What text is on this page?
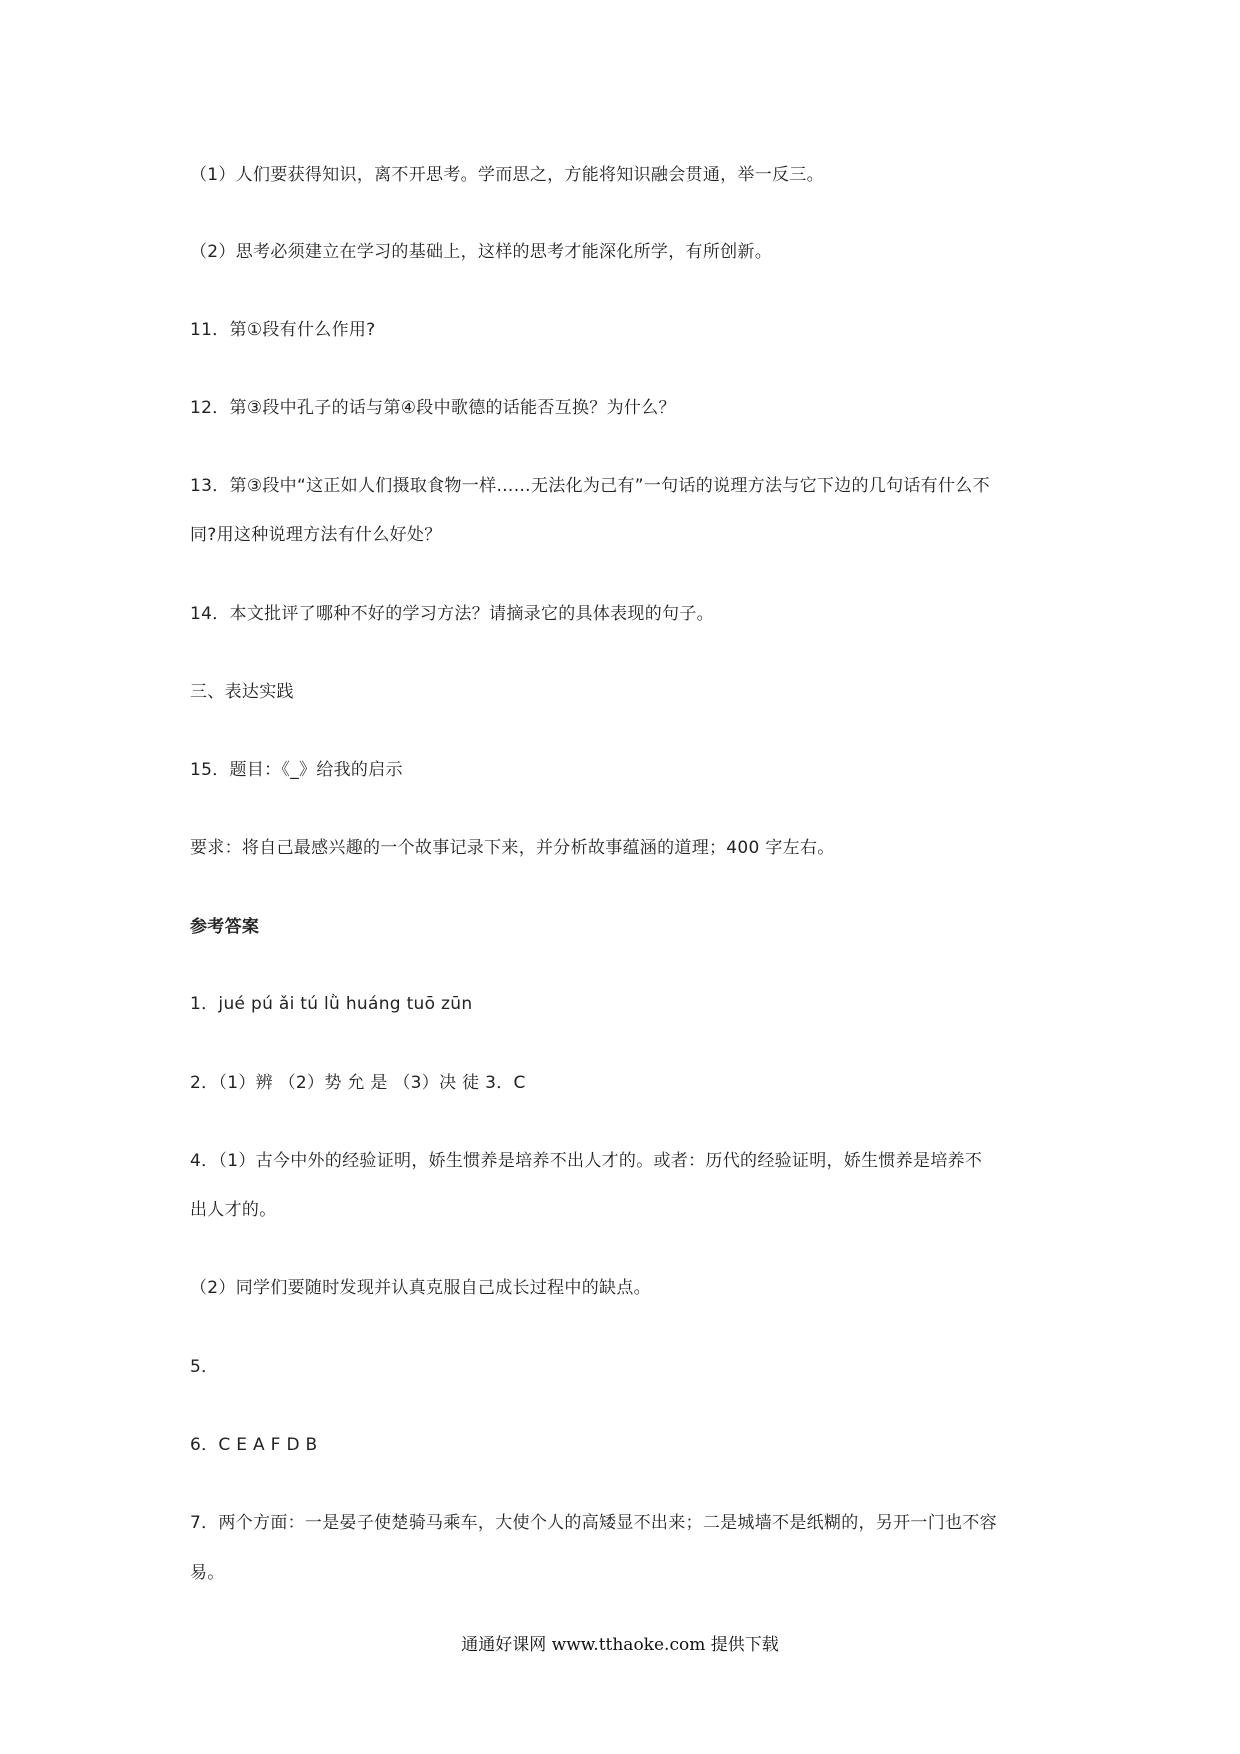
（1）人们要获得知识，离不开思考。学而思之，方能将知识融会贯通，举一反三。
（2）思考必须建立在学习的基础上，这样的思考才能深化所学，有所创新。
11．第①段有什么作用?
12．第③段中孔子的话与第④段中歌德的话能否互换？为什么？
13．第③段中“这正如人们摄取食物一样……无法化为己有”一句话的说理方法与它下边的几句话有什么不
同?用这种说理方法有什么好处？
14．本文批评了哪种不好的学习方法？请摘录它的具体表现的句子。
三、表达实践
15．题目：《_》给我的启示
要求：将自己最感兴趣的一个故事记录下来，并分析故事蕴涵的道理；400 字左右。
参考答案
1．jué pú ǎi tú lǜ huáng tuō zūn
2．（1）辨 （2）势 允 是 （3）决 徒 3．C
4．（1）古今中外的经验证明，娇生惯养是培养不出人才的。或者：历代的经验证明，娇生惯养是培养不
出人才的。
（2）同学们要随时发现并认真克服自己成长过程中的缺点。
5．
6．C E A F D B
7．两个方面：一是晏子使楚骑马乘车，大使个人的高矮显不出来；二是城墙不是纸糊的，另开一门也不容
易。
通通好课网 www.tthaoke.com 提供下载
